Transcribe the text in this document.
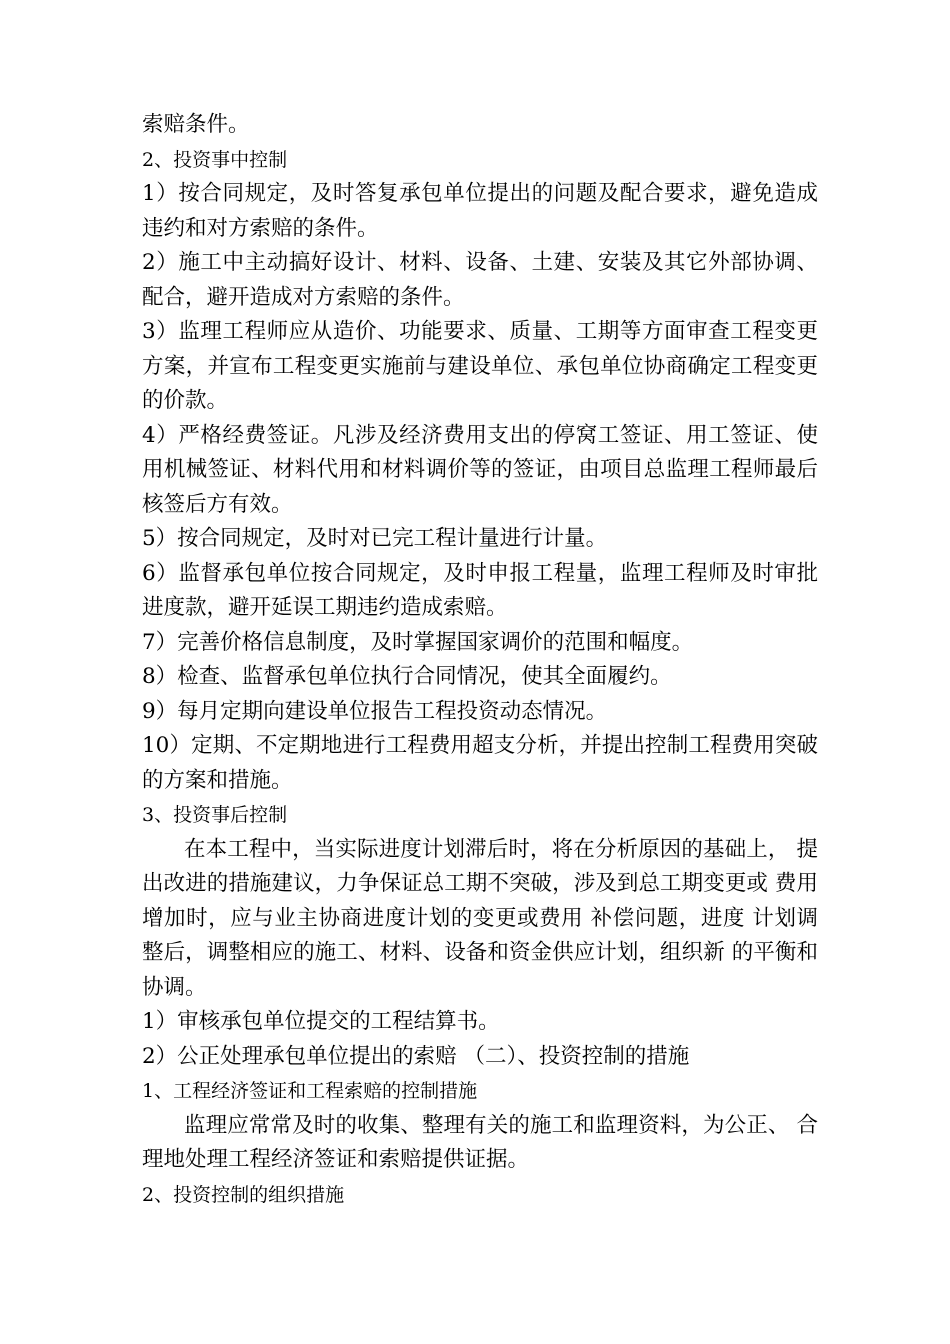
索赔条件。

2、投资事中控制

1）按合同规定，及时答复承包单位提出的问题及配合要求，避免造成违约和对方索赔的条件。

2）施工中主动搞好设计、材料、设备、土建、安装及其它外部协调、配合，避开造成对方索赔的条件。

3）监理工程师应从造价、功能要求、质量、工期等方面审查工程变更方案，并宣布工程变更实施前与建设单位、承包单位协商确定工程变更的价款。

4）严格经费签证。凡涉及经济费用支出的停窝工签证、用工签证、使用机械签证、材料代用和材料调价等的签证，由项目总监理工程师最后核签后方有效。

5）按合同规定，及时对已完工程计量进行计量。

6）监督承包单位按合同规定，及时申报工程量，监理工程师及时审批进度款，避开延误工期违约造成索赔。

7）完善价格信息制度，及时掌握国家调价的范围和幅度。

8）检查、监督承包单位执行合同情况，使其全面履约。

9）每月定期向建设单位报告工程投资动态情况。

10）定期、不定期地进行工程费用超支分析，并提出控制工程费用突破的方案和措施。

3、投资事后控制

在本工程中，当实际进度计划滞后时，将在分析原因的基础上， 提出改进的措施建议，力争保证总工期不突破，涉及到总工期变更或 费用增加时，应与业主协商进度计划的变更或费用 补偿问题，进度 计划调整后，调整相应的施工、材料、设备和资金供应计划，组织新 的平衡和协调。

1）审核承包单位提交的工程结算书。

2）公正处理承包单位提出的索赔 （二）、投资控制的措施

1、工程经济签证和工程索赔的控制措施

监理应常常及时的收集、整理有关的施工和监理资料，为公正、 合理地处理工程经济签证和索赔提供证据。

2、投资控制的组织措施
